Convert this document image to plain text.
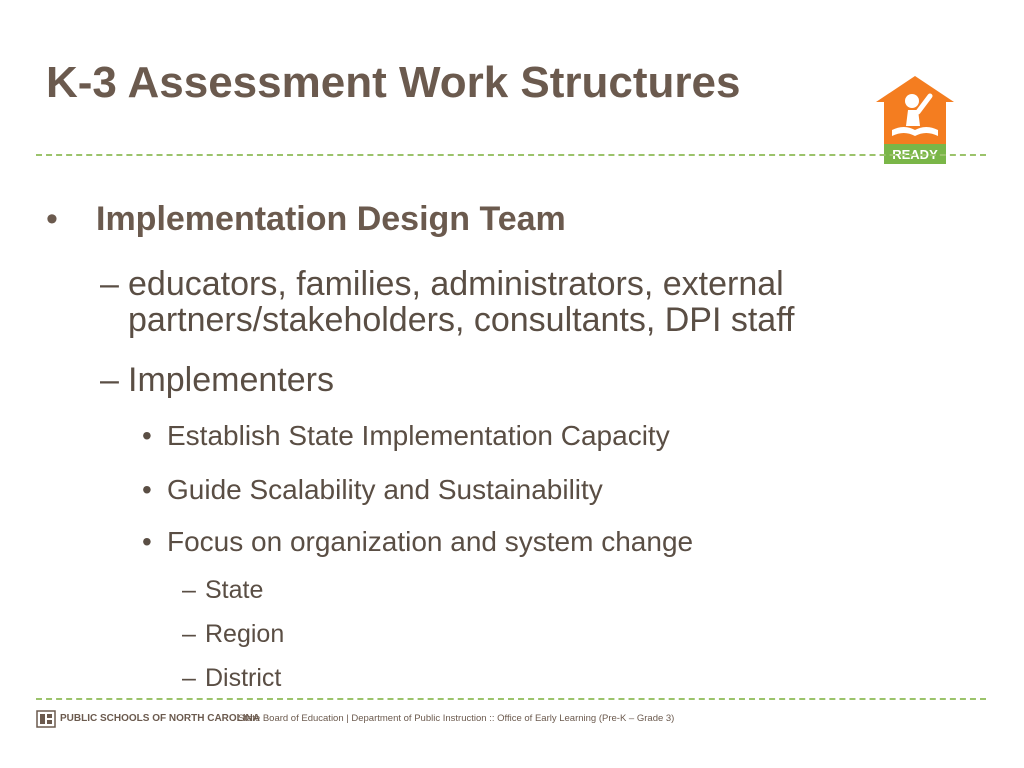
K-3 Assessment Work Structures
READY
• Implementation Design Team
– educators, families, administrators, external
partners/stakeholders, consultants, DPI staff
– Implementers
• Establish State Implementation Capacity
• Guide Scalability and Sustainability
• Focus on organization and system change
– State
– Region
– District
PUBLIC SCHOOLS OF NORTH CAROLINA
State Board of Education | Department of Public Instruction :: Office of Early Learning (Pre-K – Grade 3)
